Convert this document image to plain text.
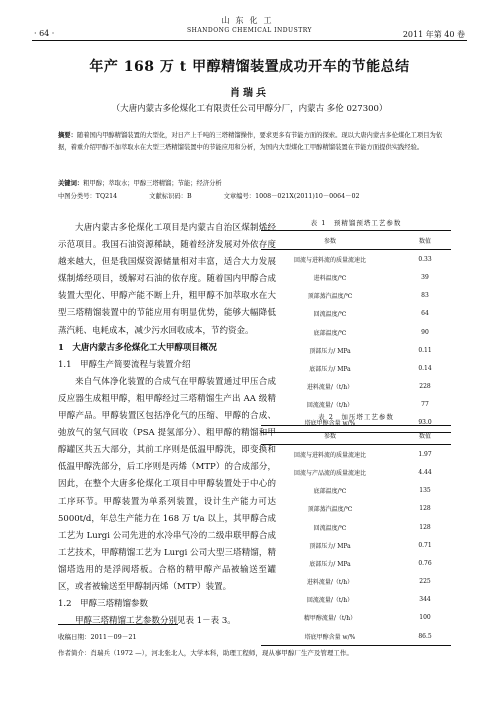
· 64 ·
山东化工
SHANDONG CHEMICAL INDUSTRY	2011 年第 40 卷
年产 168 万 t 甲醇精馏装置成功开车的节能总结
肖瑞兵
（大唐内蒙古多伦煤化工有限责任公司甲醇分厂，内蒙古 多伦 027300）
摘要：随着国内甲醇精馏装置的大型化，对日产上千吨的三塔精馏操作，要求更多有节能方面的探索。现以大唐内蒙古多伦煤化工项目为依据，着重介绍甲醇不加萃取水在大型三塔精馏装置中的节能应用和分析，为国内大型煤化工甲醇精馏装置在节能方面提供实践经验。
关键词：粗甲醇；萃取水；甲醇三塔精馏；节能；经济分析
中图分类号：TQ214	文献标识码：B	文章编号：1008－021X(2011)10－0064－02

大唐内蒙古多伦煤化工项目是内蒙古自治区煤制烯经示范项目。我国石油资源稀缺，随着经济发展对外依存度越来越大，但是我国煤资源储量相对丰富，适合大力发展煤制烯经项目，缓解对石油的依存度。随着国内甲醇合成装置大型化、甲醇产能不断上升，粗甲醇不加萃取水在大型三塔精馏装置中的节能应用有明显优势，能够大幅降低蒸汽耗、电耗成本，减少污水回收成本，节约资金。

1　大唐内蒙古多伦煤化工大甲醇项目概况

1.1　甲醇生产简要流程与装置介绍

来自气体净化装置的合成气在甲醇装置通过甲压合成反应器生成粗甲醇，粗甲醇经过三塔精馏生产出 AA 级精甲醇产品。甲醇装置区包括净化气的压缩、甲醇的合成、弛放气的氢气回收（PSA 提氢部分）、粗甲醇的精馏和甲醇罐区共五大部分，其前工序则是低温甲醇洗，即变换和低温甲醇洗部分，后工序则是丙烯（MTP）的合成部分，因此，在整个大唐多伦煤化工项目中甲醇装置处于中心的工序环节。甲醇装置为单系列装置，设计生产能力可达 5000t/d，年总生产能力在 168 万 t/a 以上，其甲醇合成工艺为 Lurgi 公司先进的水冷串气冷的二级串联甲醇合成工艺技术，甲醇精馏工艺为 Lurgi 公司大型三塔精馏，精馏塔选用的是浮阀塔板。合格的精甲醇产品被输送至罐区，或者被输送至甲醇制丙烯（MTP）装置。

1.2　甲醇三塔精馏参数

甲醇三塔精馏工艺参数分别见表 1－表 3。

表 1　预精馏预塔工艺参数
参数	数值
回流与进料流的质量流速比	0.33
进料温度/℃	39
顶部蒸汽温度/℃	83
回流温度/℃	64
底部温度/℃	90
顶部压力/ MPa	0.11
底部压力/ MPa	0.14
进料流量/（t/h）	228
回流流量/（t/h）	77
塔底甲醇含量 w/%	93.0
表 2　加压塔工艺参数
参数	数值
回流与进料流的质量流速比	1.97
回流与产品流的质量流速比	4.44
底部温度/℃	135
顶部蒸汽温度/℃	128
回流温度/℃	128
顶部压力/ MPa	0.71
底部压力/ MPa	0.76
进料流量/（t/h）	225
回流流量/（t/h）	344
精甲醇流量/（t/h）	100
塔底甲醇含量 w/%	86.5
收稿日期：2011－09－21
作者简介：肖瑞兵（1972 —），河北张北人，大学本科，助理工程师，现从事甲醇厂生产及管理工作。
